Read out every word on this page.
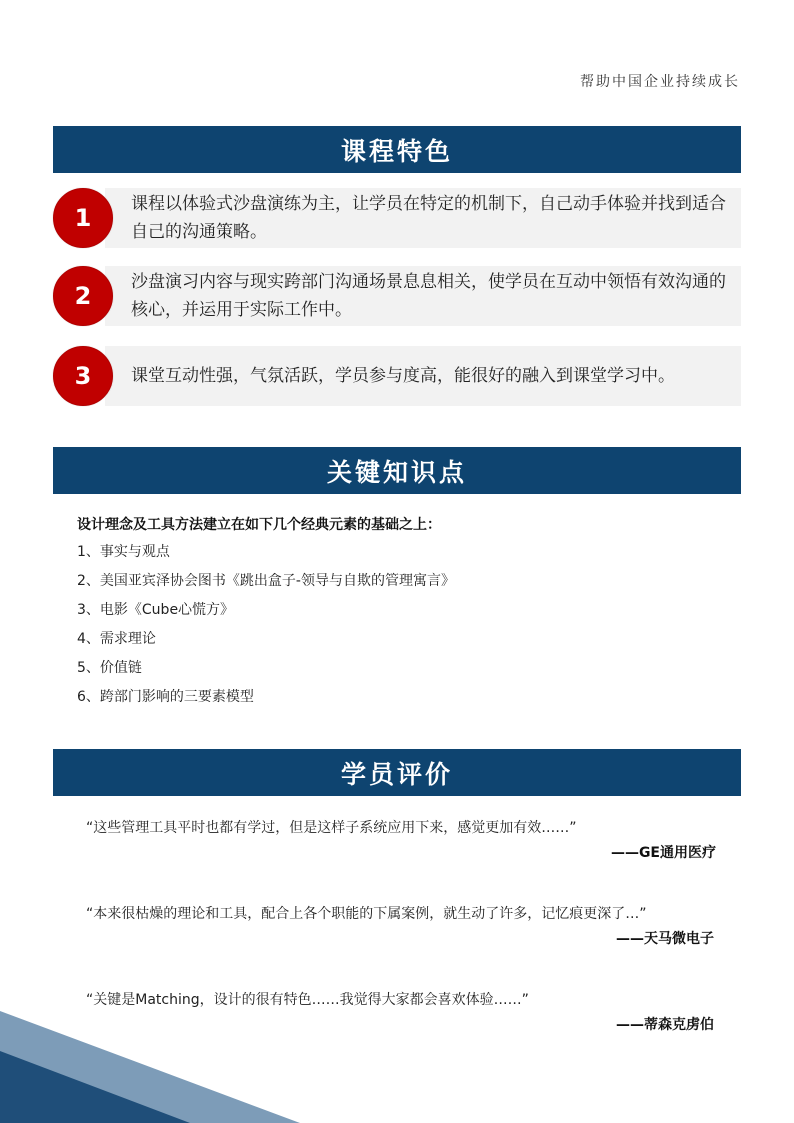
帮助中国企业持续成长
课程特色
1	课程以体验式沙盘演练为主，让学员在特定的机制下，自己动手体验并找到适合自己的沟通策略。
2	沙盘演习内容与现实跨部门沟通场景息息相关，使学员在互动中领悟有效沟通的核心，并运用于实际工作中。
3	课堂互动性强，气氛活跃，学员参与度高，能很好的融入到课堂学习中。
关键知识点
设计理念及工具方法建立在如下几个经典元素的基础之上：
1、事实与观点
2、美国亚宾泽协会图书《跳出盒子-领导与自欺的管理寓言》
3、电影《Cube心慌方》
4、需求理论
5、价值链
6、跨部门影响的三要素模型
学员评价
“这些管理工具平时也都有学过，但是这样子系统应用下来，感觉更加有效……”
——GE通用医疗
“本来很枯燥的理论和工具，配合上各个职能的下属案例，就生动了许多，记忆痕更深了…”
——天马微电子
“关键是Matching，设计的很有特色……我觉得大家都会喜欢体验……”
——蒂森克虏伯
